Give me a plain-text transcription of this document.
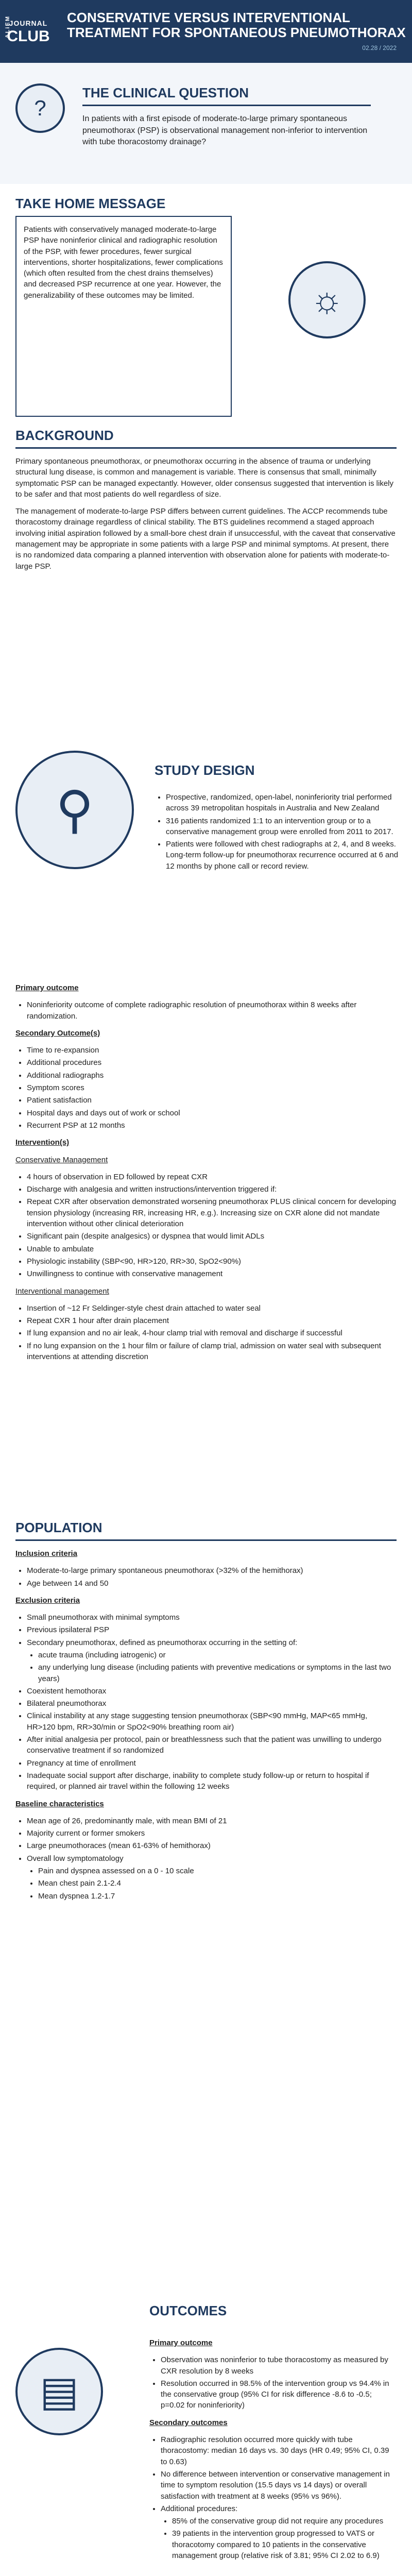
ALiEM
JOURNAL
CLUB
CONSERVATIVE VERSUS INTERVENTIONAL TREATMENT FOR SPONTANEOUS PNEUMOTHORAX
02.28 / 2022
?
THE CLINICAL QUESTION

In patients with a first episode of moderate-to-large primary spontaneous pneumothorax (PSP) is observational management non-inferior to intervention with tube thoracostomy drainage?

TAKE HOME MESSAGE

Patients with conservatively managed moderate-to-large PSP have noninferior clinical and radiographic resolution of the PSP, with fewer procedures, fewer surgical interventions, shorter hospitalizations, fewer complications (which often resulted from the chest drains themselves) and decreased PSP recurrence at one year. However, the generalizability of these outcomes may be limited.	☼
BACKGROUND

Primary spontaneous pneumothorax, or pneumothorax occurring in the absence of trauma or underlying structural lung disease, is common and management is variable. There is consensus that small, minimally symptomatic PSP can be managed expectantly. However, older consensus suggested that intervention is likely to be safer and that most patients do well regardless of size.

The management of moderate-to-large PSP differs between current guidelines. The ACCP recommends tube thoracostomy drainage regardless of clinical stability. The BTS guidelines recommend a staged approach involving initial aspiration followed by a small-bore chest drain if unsuccessful, with the caveat that conservative management may be appropriate in some patients with a large PSP and minimal symptoms. At present, there is no randomized data comparing a planned intervention with observation alone for patients with moderate-to-large PSP.

⚲
STUDY DESIGN
• Prospective, randomized, open-label, noninferiority trial performed across 39 metropolitan hospitals in Australia and New Zealand
• 316 patients randomized 1:1 to an intervention group or to a conservative management group were enrolled from 2011 to 2017.
• Patients were followed with chest radiographs at 2, 4, and 8 weeks. Long-term follow-up for pneumothorax recurrence occurred at 6 and 12 months by phone call or record review.

Primary outcome

• Noninferiority outcome of complete radiographic resolution of pneumothorax within 8 weeks after randomization.

Secondary Outcome(s)

• Time to re-expansion
• Additional procedures
• Additional radiographs
• Symptom scores
• Patient satisfaction
• Hospital days and days out of work or school
• Recurrent PSP at 12 months

Intervention(s)

Conservative Management

• 4 hours of observation in ED followed by repeat CXR
• Discharge with analgesia and written instructions/intervention triggered if:
• Repeat CXR after observation demonstrated worsening pneumothorax PLUS clinical concern for developing tension physiology (increasing RR, increasing HR, e.g.). Increasing size on CXR alone did not mandate intervention without other clinical deterioration
• Significant pain (despite analgesics) or dyspnea that would limit ADLs
• Unable to ambulate
• Physiologic instability (SBP<90, HR>120, RR>30, SpO2<90%)
• Unwillingness to continue with conservative management

Interventional management

• Insertion of ~12 Fr Seldinger-style chest drain attached to water seal
• Repeat CXR 1 hour after drain placement
• If lung expansion and no air leak, 4-hour clamp trial with removal and discharge if successful
• If no lung expansion on the 1 hour film or failure of clamp trial, admission on water seal with subsequent interventions at attending discretion
POPULATION

Inclusion criteria

• Moderate-to-large primary spontaneous pneumothorax (>32% of the hemithorax)
• Age between 14 and 50

Exclusion criteria

• Small pneumothorax with minimal symptoms
• Previous ipsilateral PSP
• Secondary pneumothorax, defined as pneumothorax occurring in the setting of:
• acute trauma (including iatrogenic) or
• any underlying lung disease (including patients with preventive medications or symptoms in the last two years)
• Coexistent hemothorax
• Bilateral pneumothorax
• Clinical instability at any stage suggesting tension pneumothorax (SBP<90 mmHg, MAP<65 mmHg, HR>120 bpm, RR>30/min or SpO2<90% breathing room air)
• After initial analgesia per protocol, pain or breathlessness such that the patient was unwilling to undergo conservative treatment if so randomized
• Pregnancy at time of enrollment
• Inadequate social support after discharge, inability to complete study follow-up or return to hospital if required, or planned air travel within the following 12 weeks

Baseline characteristics

• Mean age of 26, predominantly male, with mean BMI of 21
• Majority current or former smokers
• Large pneumothoraces (mean 61-63% of hemithorax)
• Overall low symptomatology
• Pain and dyspnea assessed on a 0 - 10 scale
• Mean chest pain 2.1-2.4
• Mean dyspnea 1.2-1.7
OUTCOMES
▤

Primary outcome

• Observation was noninferior to tube thoracostomy as measured by CXR resolution by 8 weeks
• Resolution occurred in 98.5% of the intervention group vs 94.4% in the conservative group (95% CI for risk difference -8.6 to -0.5; p=0.02 for noninferiority)

Secondary outcomes

• Radiographic resolution occurred more quickly with tube thoracostomy: median 16 days vs. 30 days (HR 0.49; 95% CI, 0.39 to 0.63)
• No difference between intervention or conservative management in time to symptom resolution (15.5 days vs 14 days) or overall satisfaction with treatment at 8 weeks (95% vs 96%).
• Additional procedures:
• 85% of the conservative group did not require any procedures
• 39 patients in the intervention group progressed to VATS or thoracotomy compared to 10 patients in the conservative management group (relative risk of 3.81; 95% CI 2.02 to 6.9)
